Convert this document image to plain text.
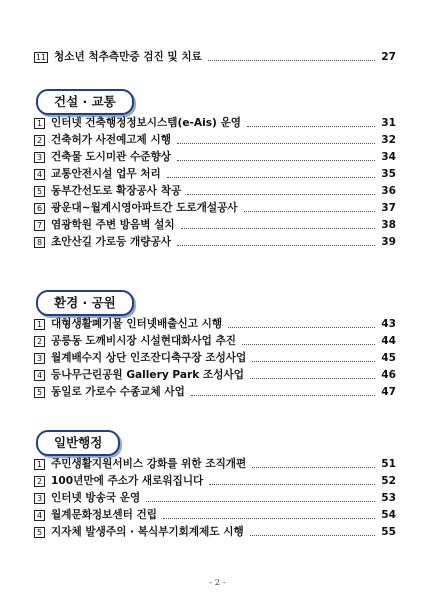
11 청소년 척추측만증 검진 및 치료	27
건설 · 교통
1 인터넷 건축행정정보시스템(e-Ais) 운영	31
2 건축허가 사전예고제 시행	32
3 건축물 도시미관 수준향상	34
4 교통안전시설 업무 처리	35
5 동부간선도로 확장공사 착공	36
6 광운대~월계시영아파트간 도로개설공사	37
7 염광학원 주변 방음벽 설치	38
8 초안산길 가로등 개량공사	39
환경 · 공원
1 대형생활폐기물 인터넷배출신고 시행	43
2 공릉동 도깨비시장 시설현대화사업 추진	44
3 월계배수지 상단 인조잔디축구장 조성사업	45
4 등나무근린공원 Gallery Park 조성사업	46
5 동일로 가로수 수종교체 사업	47
일반행정
1 주민생활지원서비스 강화를 위한 조직개편	51
2 100년만에 주소가 새로워집니다	52
3 인터넷 방송국 운영	53
4 월계문화정보센터 건립	54
5 지자체 발생주의 · 복식부기회계제도 시행	55
- 2 -
